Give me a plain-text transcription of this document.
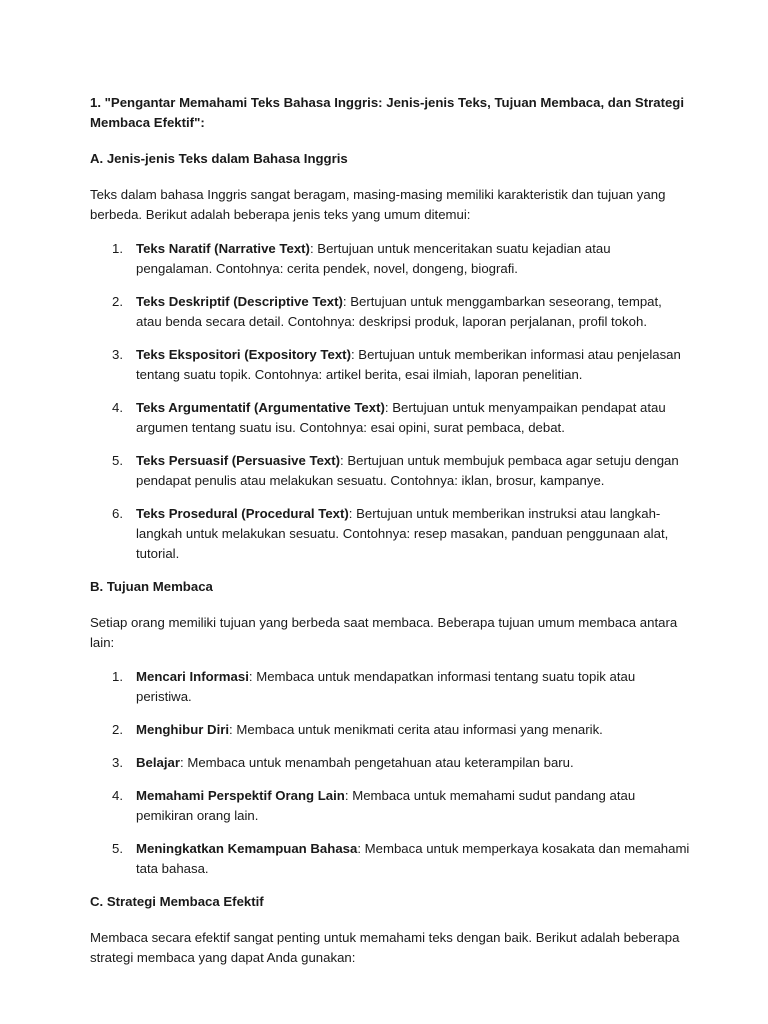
1. "Pengantar Memahami Teks Bahasa Inggris: Jenis-jenis Teks, Tujuan Membaca, dan Strategi Membaca Efektif":

A. Jenis-jenis Teks dalam Bahasa Inggris

Teks dalam bahasa Inggris sangat beragam, masing-masing memiliki karakteristik dan tujuan yang berbeda. Berikut adalah beberapa jenis teks yang umum ditemui:

1. Teks Naratif (Narrative Text): Bertujuan untuk menceritakan suatu kejadian atau pengalaman. Contohnya: cerita pendek, novel, dongeng, biografi.
2. Teks Deskriptif (Descriptive Text): Bertujuan untuk menggambarkan seseorang, tempat, atau benda secara detail. Contohnya: deskripsi produk, laporan perjalanan, profil tokoh.
3. Teks Ekspositori (Expository Text): Bertujuan untuk memberikan informasi atau penjelasan tentang suatu topik. Contohnya: artikel berita, esai ilmiah, laporan penelitian.
4. Teks Argumentatif (Argumentative Text): Bertujuan untuk menyampaikan pendapat atau argumen tentang suatu isu. Contohnya: esai opini, surat pembaca, debat.
5. Teks Persuasif (Persuasive Text): Bertujuan untuk membujuk pembaca agar setuju dengan pendapat penulis atau melakukan sesuatu. Contohnya: iklan, brosur, kampanye.
6. Teks Prosedural (Procedural Text): Bertujuan untuk memberikan instruksi atau langkah-langkah untuk melakukan sesuatu. Contohnya: resep masakan, panduan penggunaan alat, tutorial.

B. Tujuan Membaca

Setiap orang memiliki tujuan yang berbeda saat membaca. Beberapa tujuan umum membaca antara lain:

1. Mencari Informasi: Membaca untuk mendapatkan informasi tentang suatu topik atau peristiwa.
2. Menghibur Diri: Membaca untuk menikmati cerita atau informasi yang menarik.
3. Belajar: Membaca untuk menambah pengetahuan atau keterampilan baru.
4. Memahami Perspektif Orang Lain: Membaca untuk memahami sudut pandang atau pemikiran orang lain.
5. Meningkatkan Kemampuan Bahasa: Membaca untuk memperkaya kosakata dan memahami tata bahasa.

C. Strategi Membaca Efektif

Membaca secara efektif sangat penting untuk memahami teks dengan baik. Berikut adalah beberapa strategi membaca yang dapat Anda gunakan:
